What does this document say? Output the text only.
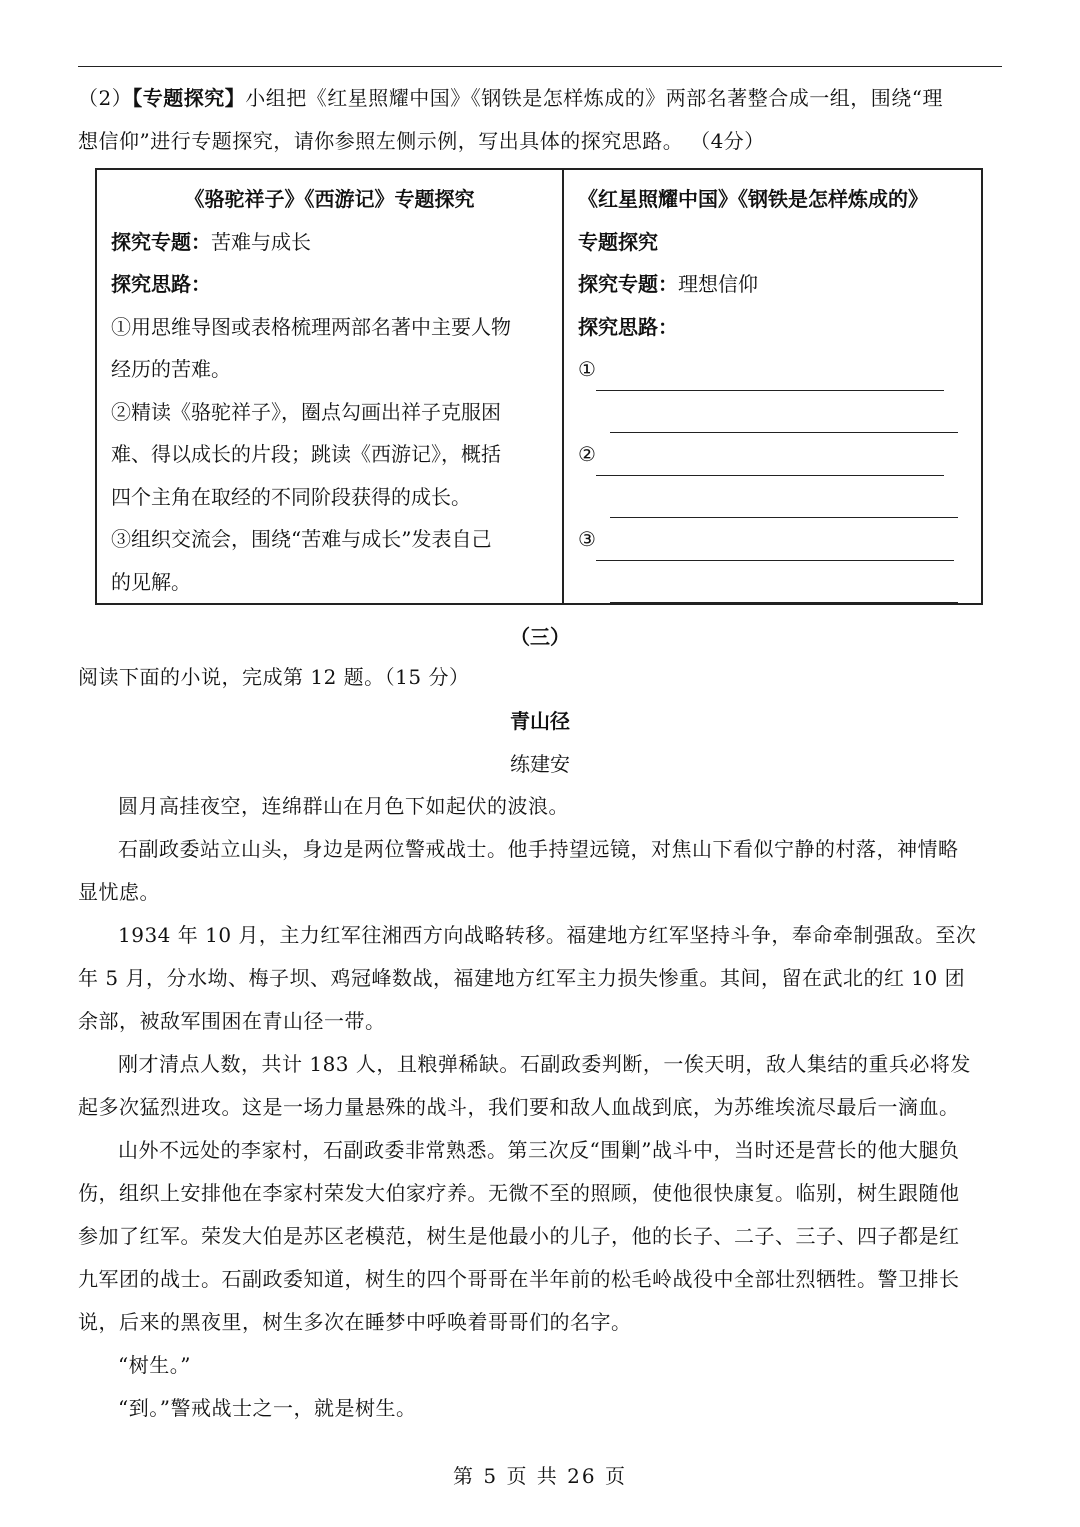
（2）【专题探究】小组把《红星照耀中国》《钢铁是怎样炼成的》两部名著整合成一组，围绕“理
想信仰”进行专题探究，请你参照左侧示例，写出具体的探究思路。 （4分）

《骆驼祥子》《西游记》专题探究
探究专题：苦难与成长
探究思路：
①用思维导图或表格梳理两部名著中主要人物
经历的苦难。
②精读《骆驼祥子》，圈点勾画出祥子克服困
难、得以成长的片段；跳读《西游记》，概括
四个主角在取经的不同阶段获得的成长。
③组织交流会，围绕“苦难与成长”发表自己
的见解。
《红星照耀中国》《钢铁是怎样炼成的》
专题探究
探究专题：理想信仰
探究思路：
①
②
③
（三）

阅读下面的小说，完成第 12 题。（15 分）

青山径
练建安
圆月高挂夜空，连绵群山在月色下如起伏的波浪。
石副政委站立山头，身边是两位警戒战士。他手持望远镜，对焦山下看似宁静的村落，神情略
显忧虑。
1934 年 10 月，主力红军往湘西方向战略转移。福建地方红军坚持斗争，奉命牵制强敌。至次
年 5 月，分水坳、梅子坝、鸡冠峰数战，福建地方红军主力损失惨重。其间，留在武北的红 10 团
余部，被敌军围困在青山径一带。
刚才清点人数，共计 183 人，且粮弹稀缺。石副政委判断，一俟天明，敌人集结的重兵必将发
起多次猛烈进攻。这是一场力量悬殊的战斗，我们要和敌人血战到底，为苏维埃流尽最后一滴血。
山外不远处的李家村，石副政委非常熟悉。第三次反“围剿”战斗中，当时还是营长的他大腿负
伤，组织上安排他在李家村荣发大伯家疗养。无微不至的照顾，使他很快康复。临别，树生跟随他
参加了红军。荣发大伯是苏区老模范，树生是他最小的儿子，他的长子、二子、三子、四子都是红
九军团的战士。石副政委知道，树生的四个哥哥在半年前的松毛岭战役中全部壮烈牺牲。警卫排长
说，后来的黑夜里，树生多次在睡梦中呼唤着哥哥们的名字。
“树生。”
“到。”警戒战士之一，就是树生。
第 5 页 共 26 页
